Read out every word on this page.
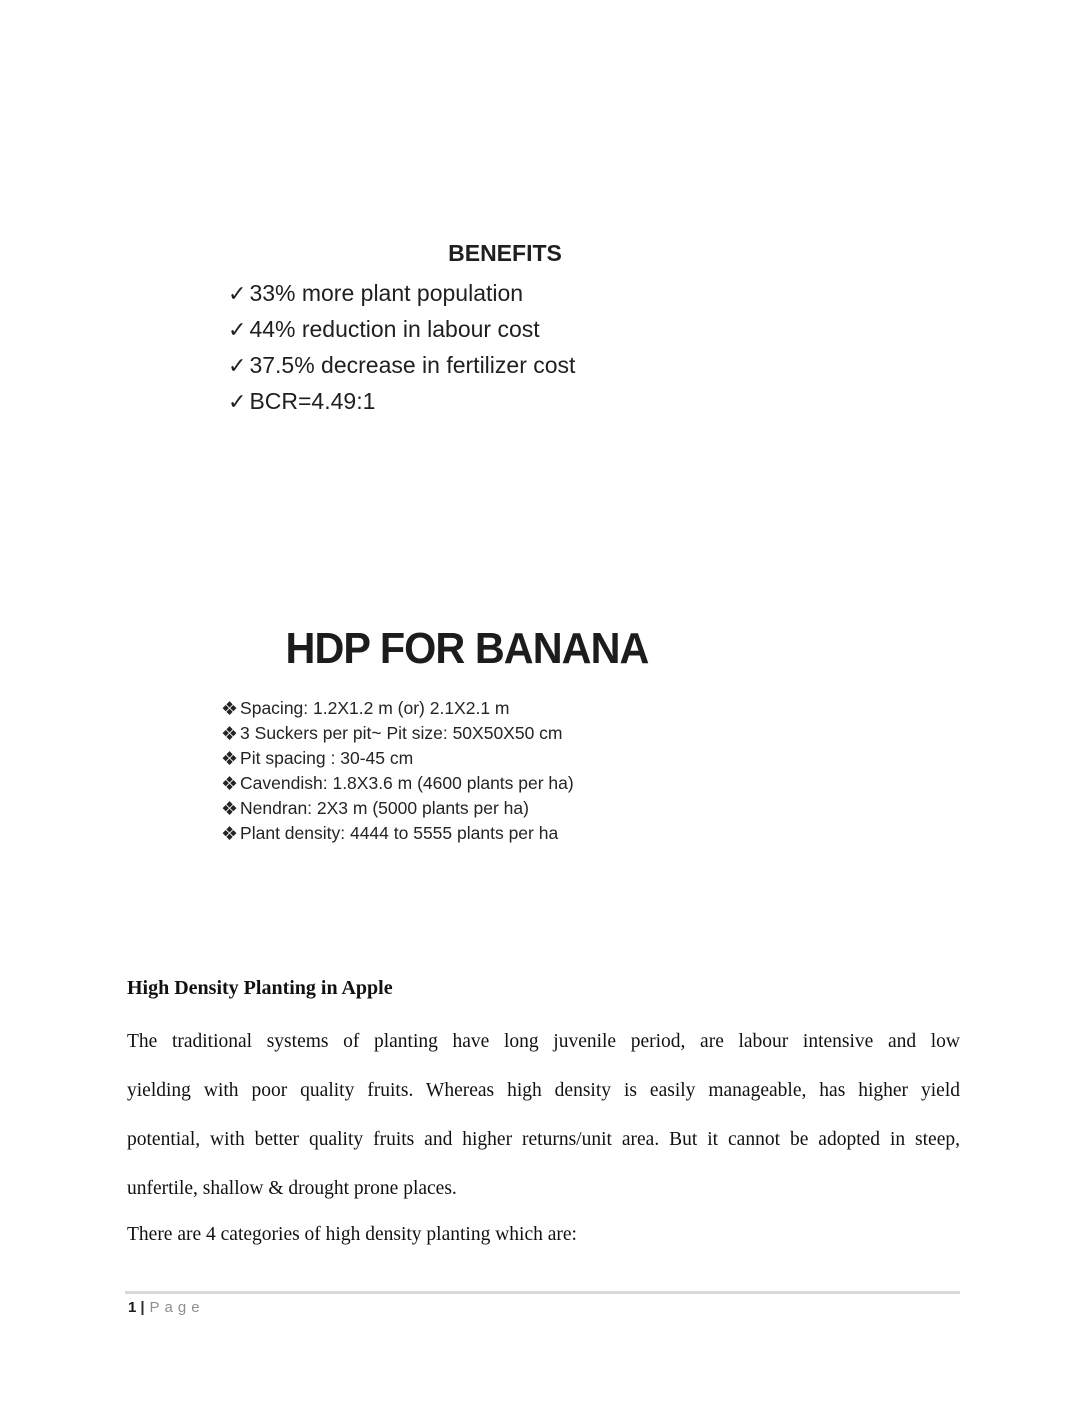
BENEFITS
✓ 33% more plant population
✓ 44% reduction in labour cost
✓ 37.5% decrease in fertilizer cost
✓ BCR=4.49:1
HDP FOR BANANA
❖ Spacing: 1.2X1.2 m (or) 2.1X2.1 m
❖ 3 Suckers per pit~ Pit size: 50X50X50 cm
❖ Pit spacing : 30-45 cm
❖ Cavendish: 1.8X3.6 m (4600 plants per ha)
❖ Nendran: 2X3 m (5000 plants per ha)
❖ Plant density: 4444 to 5555 plants per ha
High Density Planting in Apple
The traditional systems of planting have long juvenile period, are labour intensive and low
yielding with poor quality fruits. Whereas high density is easily manageable, has higher yield
potential, with better quality fruits and higher returns/unit area. But it cannot be adopted in steep,
unfertile, shallow & drought prone places.

There are 4 categories of high density planting which are:

1 | Page
